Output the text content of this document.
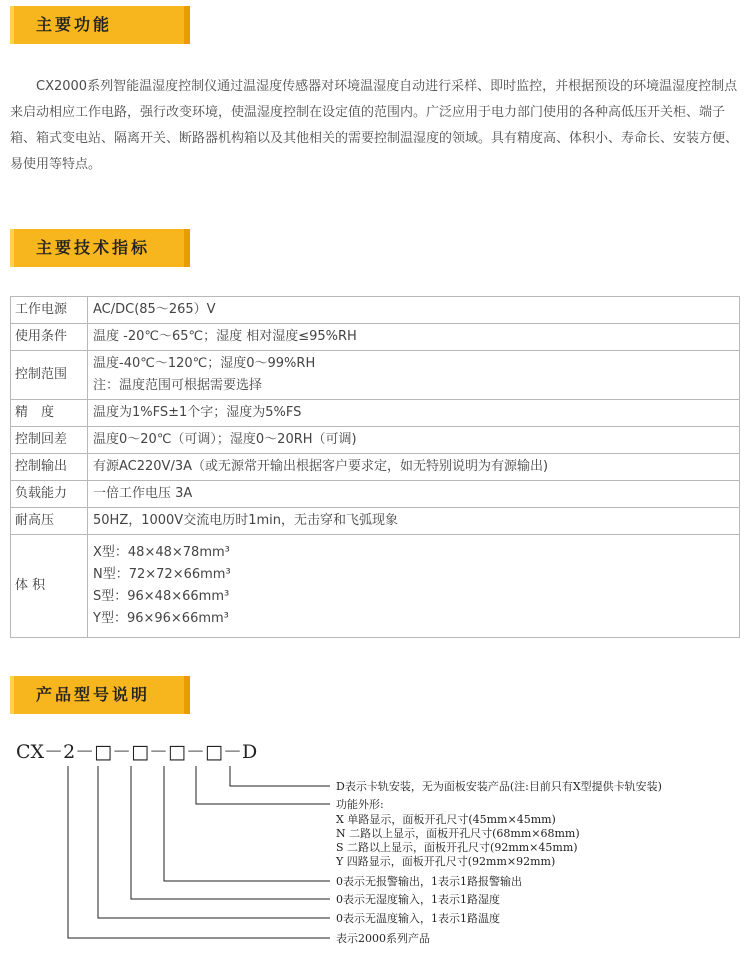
主要功能

CX2000系列智能温湿度控制仪通过温湿度传感器对环境温湿度自动进行采样、即时监控，并根据预设的环境温湿度控制点来启动相应工作电路，强行改变环境，使温湿度控制在设定值的范围内。广泛应用于电力部门使用的各种高低压开关柜、端子箱、箱式变电站、隔离开关、断路器机构箱以及其他相关的需要控制温湿度的领域。具有精度高、体积小、寿命长、安装方便、易使用等特点。

主要技术指标
工作电源	AC/DC(85～265）V
使用条件	温度 -20℃～65℃；湿度 相对湿度≤95%RH
控制范围	温度-40℃～120℃；湿度0～99%RH
注：温度范围可根据需要选择

精　度	温度为1%FS±1个字；湿度为5%FS
控制回差	温度0～20℃（可调）；湿度0～20RH（可调)
控制输出	有源AC220V/3A（或无源常开输出根据客户要求定，如无特别说明为有源输出)
负载能力	一倍工作电压 3A
耐高压	50HZ，1000V交流电历时1min，无击穿和飞弧现象
体 积	X型：48×48×78mm³
N型：72×72×66mm³
S型：96×48×66mm³
Y型：96×96×66mm³
产品型号说明
CX－2－□－□－□－□－D
D表示卡轨安装，无为面板安装产品(注:目前只有X型提供卡轨安装)
功能外形:
X 单路显示，面板开孔尺寸(45mm×45mm)
N 二路以上显示，面板开孔尺寸(68mm×68mm)
S 二路以上显示，面板开孔尺寸(92mm×45mm)
Y 四路显示，面板开孔尺寸(92mm×92mm)
0表示无报警输出，1表示1路报警输出
0表示无湿度输入，1表示1路湿度
0表示无温度输入，1表示1路温度
表示2000系列产品
